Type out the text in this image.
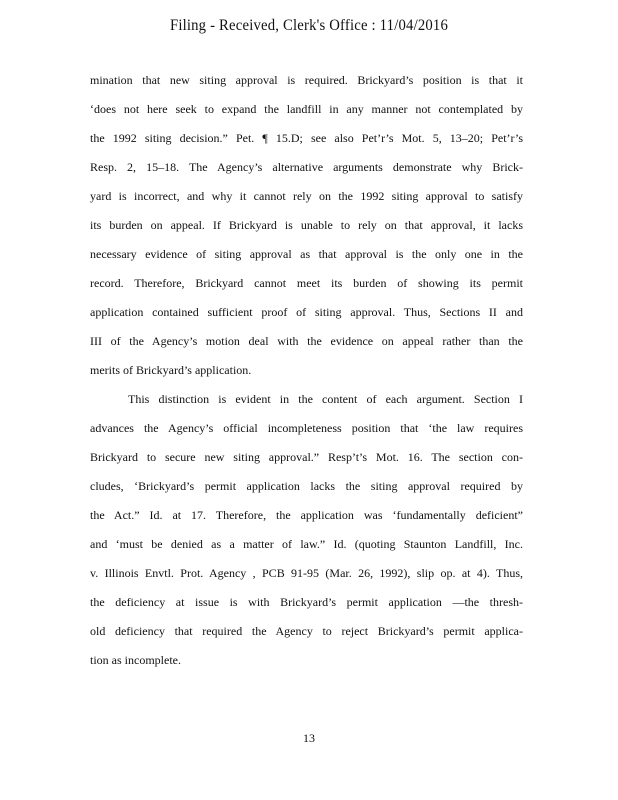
Filing - Received, Clerk's Office : 11/04/2016
mination that new siting approval is required. Brickyard’s position is that it
‘does not here seek to expand the landfill in any manner not contemplated by
the 1992 siting decision.” Pet. ¶ 15.D; see also Pet’r’s Mot. 5, 13–20; Pet’r’s
Resp. 2, 15–18. The Agency’s alternative arguments demonstrate why Brick-
yard is incorrect, and why it cannot rely on the 1992 siting approval to satisfy
its burden on appeal. If Brickyard is unable to rely on that approval, it lacks
necessary evidence of siting approval as that approval is the only one in the
record. Therefore, Brickyard cannot meet its burden of showing its permit
application contained sufficient proof of siting approval. Thus, Sections II and
III of the Agency’s motion deal with the evidence on appeal rather than the
merits of Brickyard’s application.
This distinction is evident in the content of each argument. Section I
advances the Agency’s official incompleteness position that ‘the law requires
Brickyard to secure new siting approval.” Resp’t’s Mot. 16. The section con-
cludes, ‘Brickyard’s permit application lacks the siting approval required by
the Act.” Id. at 17. Therefore, the application was ‘fundamentally deficient”
and ‘must be denied as a matter of law.” Id. (quoting Staunton Landfill, Inc.
v. Illinois Envtl. Prot. Agency , PCB 91-95 (Mar. 26, 1992), slip op. at 4). Thus,
the deficiency at issue is with Brickyard’s permit application —the thresh-
old deficiency that required the Agency to reject Brickyard’s permit applica-
tion as incomplete.
13
